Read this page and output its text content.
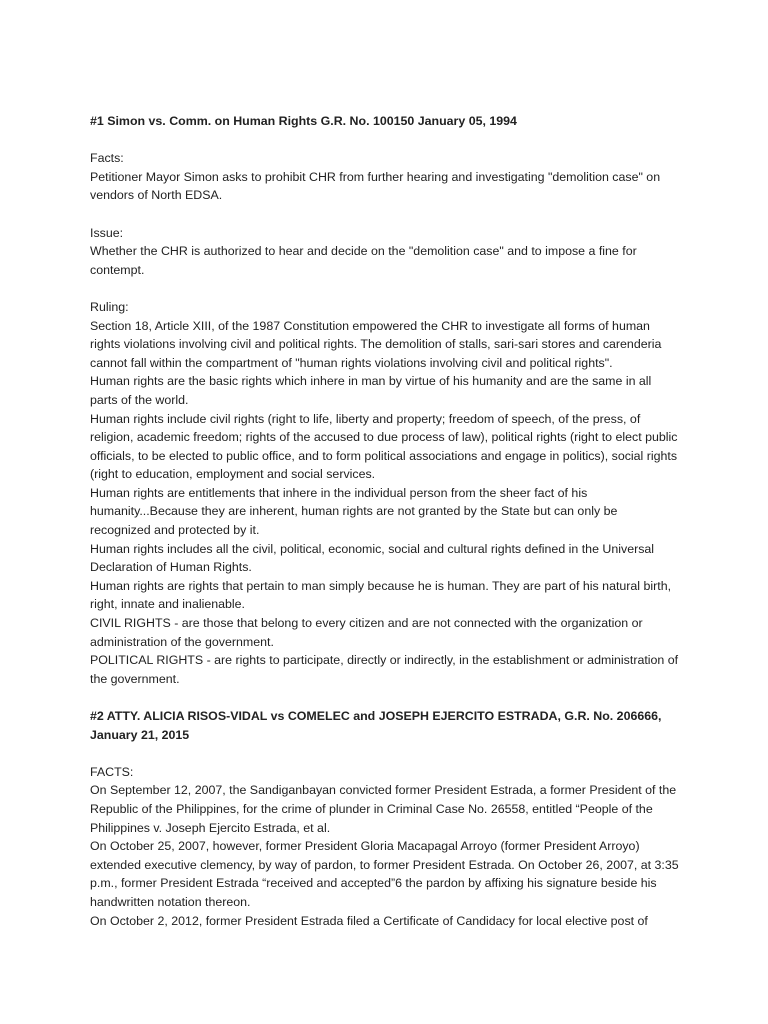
#1 Simon vs. Comm. on Human Rights G.R. No. 100150 January 05, 1994

Facts:

Petitioner Mayor Simon asks to prohibit CHR from further hearing and investigating "demolition case" on vendors of North EDSA.

Issue:

Whether the CHR is authorized to hear and decide on the "demolition case" and to impose a fine for contempt.

Ruling:

Section 18, Article XIII, of the 1987 Constitution empowered the CHR to investigate all forms of human rights violations involving civil and political rights. The demolition of stalls, sari-sari stores and carenderia cannot fall within the compartment of "human rights violations involving civil and political rights".

Human rights are the basic rights which inhere in man by virtue of his humanity and are the same in all parts of the world.

Human rights include civil rights (right to life, liberty and property; freedom of speech, of the press, of religion, academic freedom; rights of the accused to due process of law), political rights (right to elect public officials, to be elected to public office, and to form political associations and engage in politics), social rights (right to education, employment and social services.

Human rights are entitlements that inhere in the individual person from the sheer fact of his humanity...Because they are inherent, human rights are not granted by the State but can only be recognized and protected by it.

Human rights includes all the civil, political, economic, social and cultural rights defined in the Universal Declaration of Human Rights.

Human rights are rights that pertain to man simply because he is human. They are part of his natural birth, right, innate and inalienable.

CIVIL RIGHTS - are those that belong to every citizen and are not connected with the organization or administration of the government.

POLITICAL RIGHTS - are rights to participate, directly or indirectly, in the establishment or administration of the government.

#2 ATTY. ALICIA RISOS-VIDAL vs COMELEC and JOSEPH EJERCITO ESTRADA, G.R. No. 206666, January 21, 2015

FACTS:

On September 12, 2007, the Sandiganbayan convicted former President Estrada, a former President of the Republic of the Philippines, for the crime of plunder in Criminal Case No. 26558, entitled “People of the Philippines v. Joseph Ejercito Estrada, et al.

On October 25, 2007, however, former President Gloria Macapagal Arroyo (former President Arroyo) extended executive clemency, by way of pardon, to former President Estrada. On October 26, 2007, at 3:35 p.m., former President Estrada “received and accepted”6 the pardon by affixing his signature beside his handwritten notation thereon.

On October 2, 2012, former President Estrada filed a Certificate of Candidacy for local elective post of
